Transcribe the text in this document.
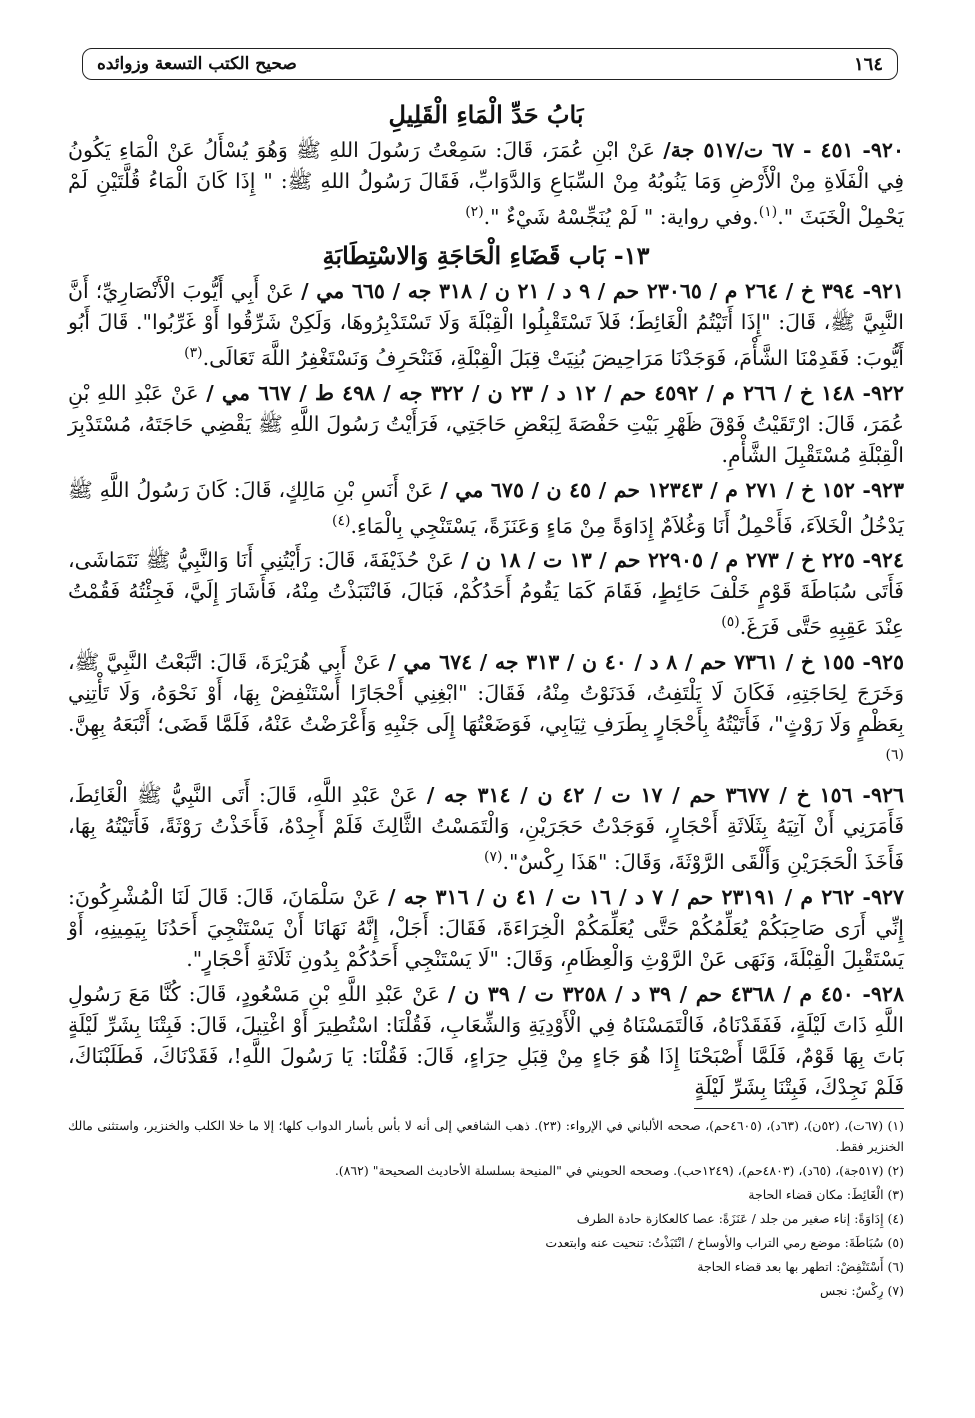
١٦٤
صحيح الكتب التسعة وزوائده
بَابُ حَدِّ الْمَاءِ الْقَلِيلِ

٩٢٠- ٤٥١ - ٦٧ ت/٥١٧ جة/ عَنْ ابْنِ عُمَرَ، قَالَ: سَمِعْتُ رَسُولَ اللهِ ﷺ وَهُوَ يُسْأَلُ عَنْ الْمَاءِ يَكُونُ فِي الْفَلَاةِ مِنْ الْأَرْضِ وَمَا يَنُوبُهُ مِنْ السِّبَاعِ وَالدَّوَابِّ، فَقَالَ رَسُولُ اللهِ ﷺ: " إِذَا كَانَ الْمَاءُ قُلَّتَيْنِ لَمْ يَحْمِلْ الْخَبَثَ ".$^{(١)}$.وفي رواية: " لَمْ يُنَجِّسْهُ شَيْءٌ ".$^{(٢)}$

١٣- بَاب قَضَاءِ الْحَاجَةِ وَالاسْتِطَابَةِ

٩٢١- ٣٩٤ خ / ٢٦٤ م / ٢٣٠٦٥ حم / ٩ د / ٢١ ن / ٣١٨ جه / ٦٦٥ مي / عَنْ أَبِي أَيُّوبَ الْأَنْصَارِيِّ؛ أَنَّ النَّبِيَّ ﷺ، قَالَ: "إِذَا أَتَيْتُمُ الْغَائِطَ؛ فَلاَ تَسْتَقْبِلُوا الْقِبْلَةَ وَلَا تَسْتَدْبِرُوهَا، وَلَكِنْ شَرِّقُوا أَوْ غَرِّبُوا". قَالَ أَبُو أَيُّوبَ: فَقَدِمْنَا الشَّأْمَ، فَوَجَدْنَا مَرَاحِيضَ بُنِيَتْ قِبَلَ الْقِبْلَةِ، فَنَنْحَرِفُ وَنَسْتَغْفِرُ اللَّهَ تَعَالَى.$^{(٣)}$

٩٢٢- ١٤٨ خ / ٢٦٦ م / ٤٥٩٢ حم / ١٢ د / ٢٣ ن / ٣٢٢ جه / ٤٩٨ ط / ٦٦٧ مي / عَنْ عَبْدِ اللهِ بْنِ عُمَرَ، قَالَ: ارْتَقَيْتُ فَوْقَ ظَهْرِ بَيْتِ حَفْصَةَ لِبَعْضِ حَاجَتِي، فَرَأَيْتُ رَسُولَ اللَّهِ ﷺ يَقْضِي حَاجَتَهُ، مُسْتَدْبِرَ الْقِبْلَةِ مُسْتَقْبِلَ الشَّأْمِ.

٩٢٣- ١٥٢ خ / ٢٧١ م / ١٢٣٤٣ حم / ٤٥ ن / ٦٧٥ مي / عَنْ أَنَسِ بْنِ مَالِكٍ، قَالَ: كَانَ رَسُولُ اللَّهِ ﷺ يَدْخُلُ الْخَلاَءَ، فَأَحْمِلُ أَنَا وَغُلاَمٌ إِدَاوَةً مِنْ مَاءٍ وَعَنَزَةً، يَسْتَنْجِي بِالْمَاءِ.$^{(٤)}$

٩٢٤- ٢٢٥ خ / ٢٧٣ م / ٢٢٩٠٥ حم / ١٣ ت / ١٨ ن / عَنْ حُذَيْفَةَ، قَالَ: رَأَيْتُنِي أَنَا وَالنَّبِيُّ ﷺ نَتَمَاشَى، فَأَتَى سُبَاطَةَ قَوْمٍ خَلْفَ حَائِطٍ، فَقَامَ كَمَا يَقُومُ أَحَدُكُمْ، فَبَالَ، فَانْتَبَذْتُ مِنْهُ، فَأَشَارَ إِلَيَّ، فَجِئْتُهُ فَقُمْتُ عِنْدَ عَقِبِهِ حَتَّى فَرَغَ.$^{(٥)}$

٩٢٥- ١٥٥ خ / ٧٣٦١ حم / ٨ د / ٤٠ ن / ٣١٣ جه / ٦٧٤ مي / عَنْ أَبِي هُرَيْرَةَ، قَالَ: اتَّبَعْتُ النَّبِيَّ ﷺ، وَخَرَجَ لِحَاجَتِهِ، فَكَانَ لَا يَلْتَفِتُ، فَدَنَوْتُ مِنْهُ، فَقَالَ: "ابْغِنِي أَحْجَارًا أَسْتَنْفِضْ بِهَا، أَوْ نَحْوَهُ، وَلَا تَأْتِنِي بِعَظْمٍ وَلَا رَوْثٍ"، فَأَتَيْتُهُ بِأَحْجَارٍ بِطَرَفِ ثِيَابِي، فَوَضَعْتُهَا إِلَى جَنْبِهِ وَأَعْرَضْتُ عَنْهُ، فَلَمَّا قَضَى؛ أَتْبَعَهُ بِهِنَّ.$^{(٦)}$

٩٢٦- ١٥٦ خ / ٣٦٧٧ حم / ١٧ ت / ٤٢ ن / ٣١٤ جه / عَنْ عَبْدِ اللَّهِ، قَالَ: أَتَى النَّبِيُّ ﷺ الْغَائِطَ، فَأَمَرَنِي أَنْ آتِيَهُ بِثَلَاثَةِ أَحْجَارٍ، فَوَجَدْتُ حَجَرَيْنِ، وَالْتَمَسْتُ الثَّالِثَ فَلَمْ أَجِدْهُ، فَأَخَذْتُ رَوْثَةً، فَأَتَيْتُهُ بِهَا، فَأَخَذَ الْحَجَرَيْنِ وَأَلْقَى الرَّوْثَةَ، وَقَالَ: "هَذَا رِكْسٌ".$^{(٧)}$

٩٢٧- ٢٦٢ م / ٢٣١٩١ حم / ٧ د / ١٦ ت / ٤١ ن / ٣١٦ جه / عَنْ سَلْمَانَ، قَالَ: قَالَ لَنَا الْمُشْرِكُونَ: إِنِّي أَرَى صَاحِبَكُمْ يُعَلِّمُكُمْ حَتَّى يُعَلِّمَكُمْ الْخِرَاءَةَ، فَقَالَ: أَجَلْ، إِنَّهُ نَهَانَا أَنْ يَسْتَنْجِيَ أَحَدُنَا بِيَمِينِهِ، أَوْ يَسْتَقْبِلَ الْقِبْلَةَ، وَنَهَى عَنْ الرَّوْثِ وَالْعِظَامِ، وَقَالَ: "لَا يَسْتَنْجِي أَحَدُكُمْ بِدُونِ ثَلَاثَةِ أَحْجَارٍ".

٩٢٨- ٤٥٠ م / ٤٣٦٨ حم / ٣٩ د / ٣٢٥٨ ت / ٣٩ ن / عَنْ عَبْدِ اللَّهِ بْنِ مَسْعُودٍ، قَالَ: كُنَّا مَعَ رَسُولِ اللَّهِ ذَاتَ لَيْلَةٍ، فَفَقَدْنَاهُ، فَالْتَمَسْنَاهُ فِي الْأَوْدِيَةِ وَالشِّعَابِ، فَقُلْنَا: اسْتُطِيرَ أَوْ اغْتِيلَ، قَالَ: فَبِتْنَا بِشَرِّ لَيْلَةٍ بَاتَ بِهَا قَوْمٌ، فَلَمَّا أَصْبَحْنَا إِذَا هُوَ جَاءٍ مِنْ قِبَلِ حِرَاءٍ، قَالَ: فَقُلْنَا: يَا رَسُولَ اللَّهِ!، فَقَدْنَاكَ، فَطَلَبْنَاكَ، فَلَمْ نَجِدْكَ، فَبِتْنَا بِشَرِّ لَيْلَةٍ

(١) (٦٧ت)، (٥٢ن)، (٦٣د)، (٤٦٠٥حم)، صححه الألباني في الإرواء: (٢٣). ذهب الشافعي إلى أنه لا بأس بأسار الدواب كلها؛ إلا ما خلا الكلب والخنزير، واستثنى مالك الخنزير فقط.

(٢) (٥١٧جة)، (٦٥د)، (٤٨٠٣حم)، (١٢٤٩حب). وصححه الحويني في "المنيحة بسلسلة الأحاديث الصحيحة" (٨٦٢).

(٣) الْغَائِطَ: مكان قضاء الحاجة

(٤) إِدَاوَةً: إناء صغير من جلد / عَنَزَةً: عصا كالعكازة حادة الطرف

(٥) سُبَاطَةَ: موضع رمي التراب والأوساخ / انْتَبَذْتُ: تنحيت عنه وابتعدت

(٦) أَسْتَنْفِضْ: اتطهر بها بعد قضاء الحاجة

(٧) رِكْسٌ: نجس
